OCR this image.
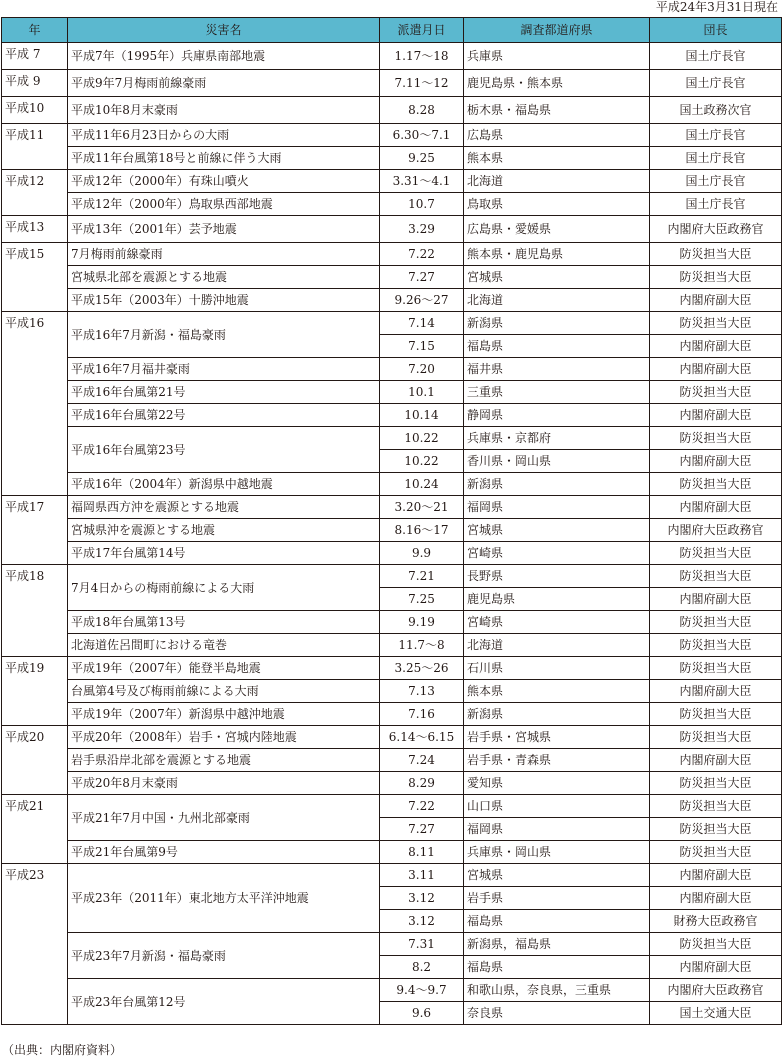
平成24年3月31日現在
年	災害名	派遣月日	調査都道府県	団長
平成 7	平成7年（1995年）兵庫県南部地震	1.17～18	兵庫県	国土庁長官
平成 9	平成9年7月梅雨前線豪雨	7.11～12	鹿児島県・熊本県	国土庁長官
平成10	平成10年8月末豪雨	8.28	栃木県・福島県	国土政務次官
平成11	平成11年6月23日からの大雨	6.30～7.1	広島県	国土庁長官
	平成11年台風第18号と前線に伴う大雨	9.25	熊本県	国土庁長官
平成12	平成12年（2000年）有珠山噴火	3.31～4.1	北海道	国土庁長官
	平成12年（2000年）鳥取県西部地震	10.7	鳥取県	国土庁長官
平成13	平成13年（2001年）芸予地震	3.29	広島県・愛媛県	内閣府大臣政務官
平成15	7月梅雨前線豪雨	7.22	熊本県・鹿児島県	防災担当大臣
	宮城県北部を震源とする地震	7.27	宮城県	防災担当大臣
	平成15年（2003年）十勝沖地震	9.26～27	北海道	内閣府副大臣
平成16	平成16年7月新潟・福島豪雨	7.14	新潟県	防災担当大臣
		7.15	福島県	内閣府副大臣
	平成16年7月福井豪雨	7.20	福井県	内閣府副大臣
	平成16年台風第21号	10.1	三重県	防災担当大臣
	平成16年台風第22号	10.14	静岡県	内閣府副大臣
	平成16年台風第23号	10.22	兵庫県・京都府	防災担当大臣
		10.22	香川県・岡山県	内閣府副大臣
	平成16年（2004年）新潟県中越地震	10.24	新潟県	防災担当大臣
平成17	福岡県西方沖を震源とする地震	3.20～21	福岡県	内閣府副大臣
	宮城県沖を震源とする地震	8.16～17	宮城県	内閣府大臣政務官
	平成17年台風第14号	9.9	宮崎県	防災担当大臣
平成18	7月4日からの梅雨前線による大雨	7.21	長野県	防災担当大臣
		7.25	鹿児島県	内閣府副大臣
	平成18年台風第13号	9.19	宮崎県	防災担当大臣
	北海道佐呂間町における竜巻	11.7～8	北海道	防災担当大臣
平成19	平成19年（2007年）能登半島地震	3.25～26	石川県	防災担当大臣
	台風第4号及び梅雨前線による大雨	7.13	熊本県	内閣府副大臣
	平成19年（2007年）新潟県中越沖地震	7.16	新潟県	防災担当大臣
平成20	平成20年（2008年）岩手・宮城内陸地震	6.14～6.15	岩手県・宮城県	防災担当大臣
	岩手県沿岸北部を震源とする地震	7.24	岩手県・青森県	内閣府副大臣
	平成20年8月末豪雨	8.29	愛知県	防災担当大臣
平成21	平成21年7月中国・九州北部豪雨	7.22	山口県	防災担当大臣
		7.27	福岡県	防災担当大臣
	平成21年台風第9号	8.11	兵庫県・岡山県	防災担当大臣
平成23	平成23年（2011年）東北地方太平洋沖地震	3.11	宮城県	内閣府副大臣
		3.12	岩手県	内閣府副大臣
		3.12	福島県	財務大臣政務官
	平成23年7月新潟・福島豪雨	7.31	新潟県，福島県	防災担当大臣
		8.2	福島県	内閣府副大臣
	平成23年台風第12号	9.4～9.7	和歌山県，奈良県，三重県	内閣府大臣政務官
		9.6	奈良県	国土交通大臣
（出典：内閣府資料）
